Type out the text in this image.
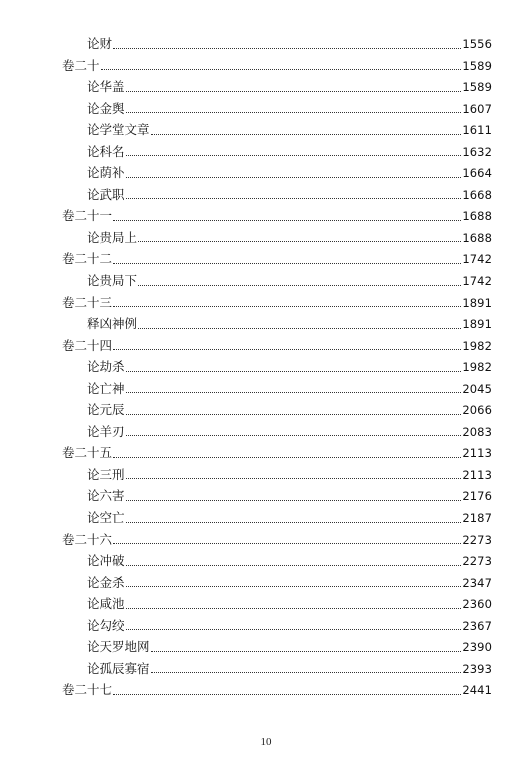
论财	1556
卷二十	1589
论华盖	1589
论金舆	1607
论学堂文章	1611
论科名	1632
论荫补	1664
论武职	1668
卷二十一	1688
论贵局上	1688
卷二十二	1742
论贵局下	1742
卷二十三	1891
释凶神例	1891
卷二十四	1982
论劫杀	1982
论亡神	2045
论元辰	2066
论羊刃	2083
卷二十五	2113
论三刑	2113
论六害	2176
论空亡	2187
卷二十六	2273
论冲破	2273
论金杀	2347
论咸池	2360
论勾绞	2367
论天罗地网	2390
论孤辰寡宿	2393
卷二十七	2441
10
